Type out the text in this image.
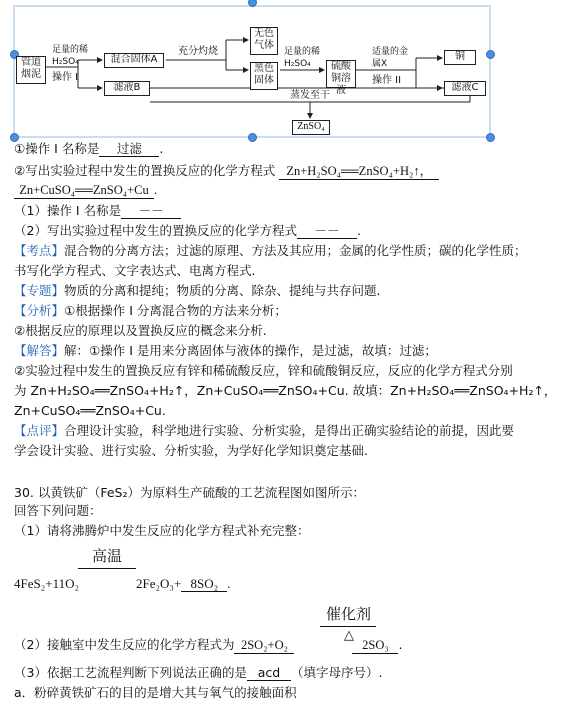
管道烟泥
足量的稀H₂SO₄
操作 I
混合固体A
滤液B
充分灼烧
无色气体
黑色固体
足量的稀H₂SO₄	硫酸铜溶液
适量的金属X
操作 II
铜
滤液C
蒸发至干
ZnSO₄
①操作 I 名称是 过滤 .
②写出实验过程中发生的置换反应的化学方程式 Zn+H₂SO₄══ZnSO₄+H₂↑，
Zn+CuSO₄══ZnSO₄+Cu .
（1）操作 I 名称是 －－
（2）写出实验过程中发生的置换反应的化学方程式 －－ .
【考点】混合物的分离方法；过滤的原理、方法及其应用；金属的化学性质；碳的化学性质；
书写化学方程式、文字表达式、电离方程式.
【专题】物质的分离和提纯；物质的分离、除杂、提纯与共存问题.
【分析】①根据操作 I 分离混合物的方法来分析；
②根据反应的原理以及置换反应的概念来分析.
【解答】解：①操作 I 是用来分离固体与液体的操作，是过滤，故填：过滤；
②实验过程中发生的置换反应有锌和稀硫酸反应，锌和硫酸铜反应，反应的化学方程式分别
为 Zn+H₂SO₄══ZnSO₄+H₂↑，Zn+CuSO₄══ZnSO₄+Cu. 故填：Zn+H₂SO₄══ZnSO₄+H₂↑，
Zn+CuSO₄══ZnSO₄+Cu.
【点评】合理设计实验，科学地进行实验、分析实验，是得出正确实验结论的前提，因此要
学会设计实验、进行实验、分析实验，为学好化学知识奠定基础.
30. 以黄铁矿（FeS₂）为原料生产硫酸的工艺流程图如图所示：
回答下列问题：
（1）请将沸腾炉中发生反应的化学方程式补充完整：
高温
4FeS₂+11O₂	2Fe₂O₃+ 8SO₂ .
催化剂
△
（2）接触室中发生反应的化学方程式为 2SO₂+O₂	2SO₃ .
（3）依据工艺流程判断下列说法正确的是 acd （填字母序号）.
a．粉碎黄铁矿石的目的是增大其与氧气的接触面积
